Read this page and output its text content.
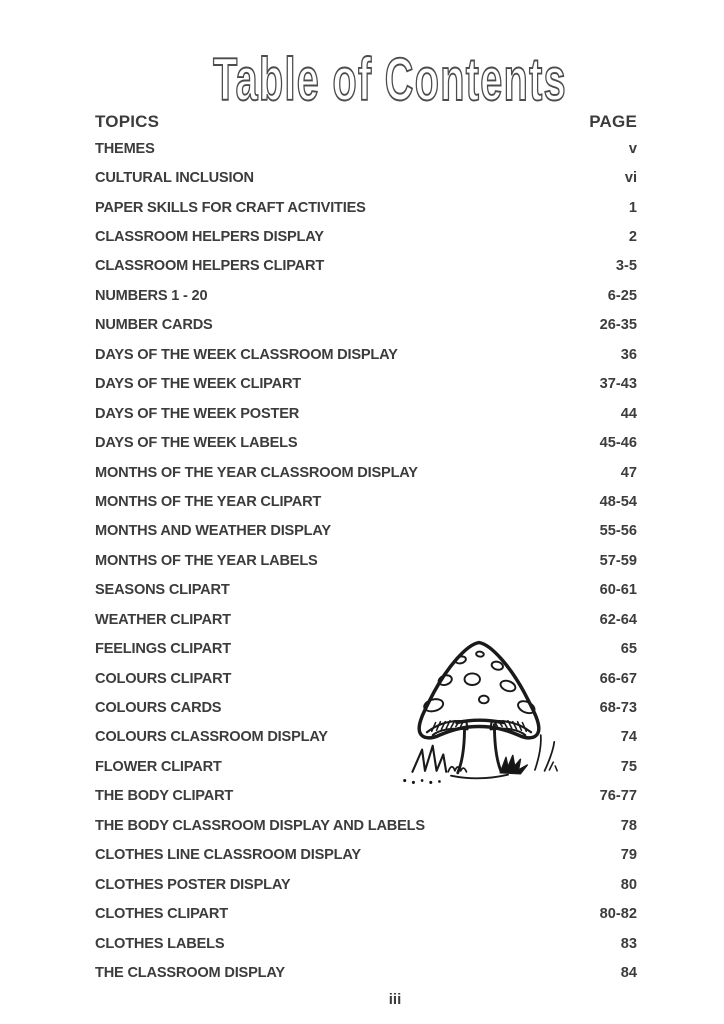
Table of Contents
TOPICS	PAGE
THEMES	v
CULTURAL INCLUSION	vi
PAPER SKILLS FOR CRAFT ACTIVITIES	1
CLASSROOM HELPERS DISPLAY	2
CLASSROOM HELPERS CLIPART	3-5
NUMBERS 1 - 20	6-25
NUMBER CARDS	26-35
DAYS OF THE WEEK CLASSROOM DISPLAY	36
DAYS OF THE WEEK CLIPART	37-43
DAYS OF THE WEEK POSTER	44
DAYS OF THE WEEK LABELS	45-46
MONTHS OF THE YEAR CLASSROOM DISPLAY	47
MONTHS OF THE YEAR CLIPART	48-54
MONTHS AND WEATHER DISPLAY	55-56
MONTHS OF THE YEAR LABELS	57-59
SEASONS CLIPART	60-61
WEATHER CLIPART	62-64
FEELINGS CLIPART	65
COLOURS CLIPART	66-67
COLOURS CARDS	68-73
COLOURS CLASSROOM DISPLAY	74
FLOWER CLIPART	75
THE BODY CLIPART	76-77
THE BODY CLASSROOM DISPLAY AND LABELS	78
CLOTHES LINE CLASSROOM DISPLAY	79
CLOTHES POSTER DISPLAY	80
CLOTHES CLIPART	80-82
CLOTHES LABELS	83
THE CLASSROOM DISPLAY	84
iii
